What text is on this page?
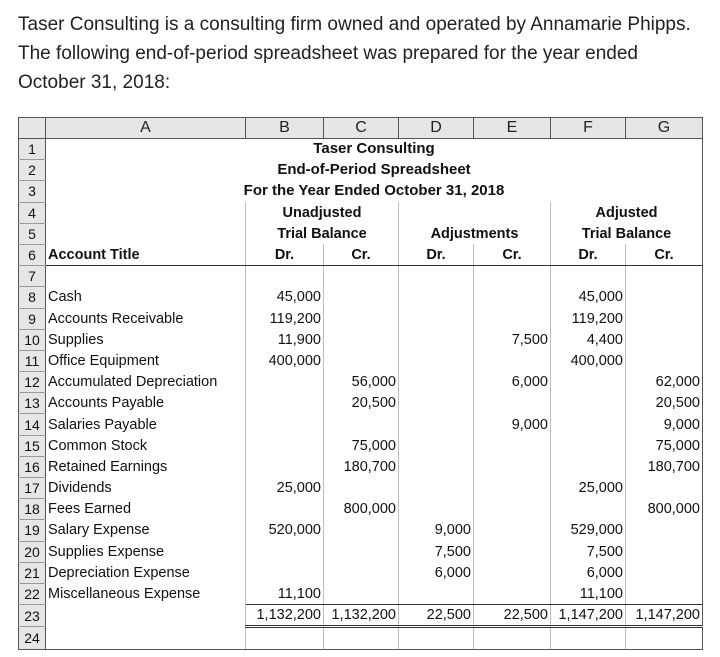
Taser Consulting is a consulting firm owned and operated by Annamarie Phipps. The following end-of-period spreadsheet was prepared for the year ended October 31, 2018:
	A	B	C	D	E	F	G
1	Taser Consulting						
2	End-of-Period Spreadsheet						
3	For the Year Ended October 31, 2018						
4		Unadjusted				Adjusted	
5		Trial Balance		Adjustments		Trial Balance	
6	Account Title	Dr.	Cr.	Dr.	Cr.	Dr.	Cr.
7							
8	Cash	45,000				45,000	
9	Accounts Receivable	119,200				119,200	
10	Supplies	11,900			7,500	4,400	
11	Office Equipment	400,000				400,000	
12	Accumulated Depreciation		56,000		6,000		62,000
13	Accounts Payable		20,500				20,500
14	Salaries Payable				9,000		9,000
15	Common Stock		75,000				75,000
16	Retained Earnings		180,700				180,700
17	Dividends	25,000				25,000	
18	Fees Earned		800,000				800,000
19	Salary Expense	520,000		9,000		529,000	
20	Supplies Expense			7,500		7,500	
21	Depreciation Expense			6,000		6,000	
22	Miscellaneous Expense	11,100				11,100	
23		1,132,200	1,132,200	22,500	22,500	1,147,200	1,147,200
24							
